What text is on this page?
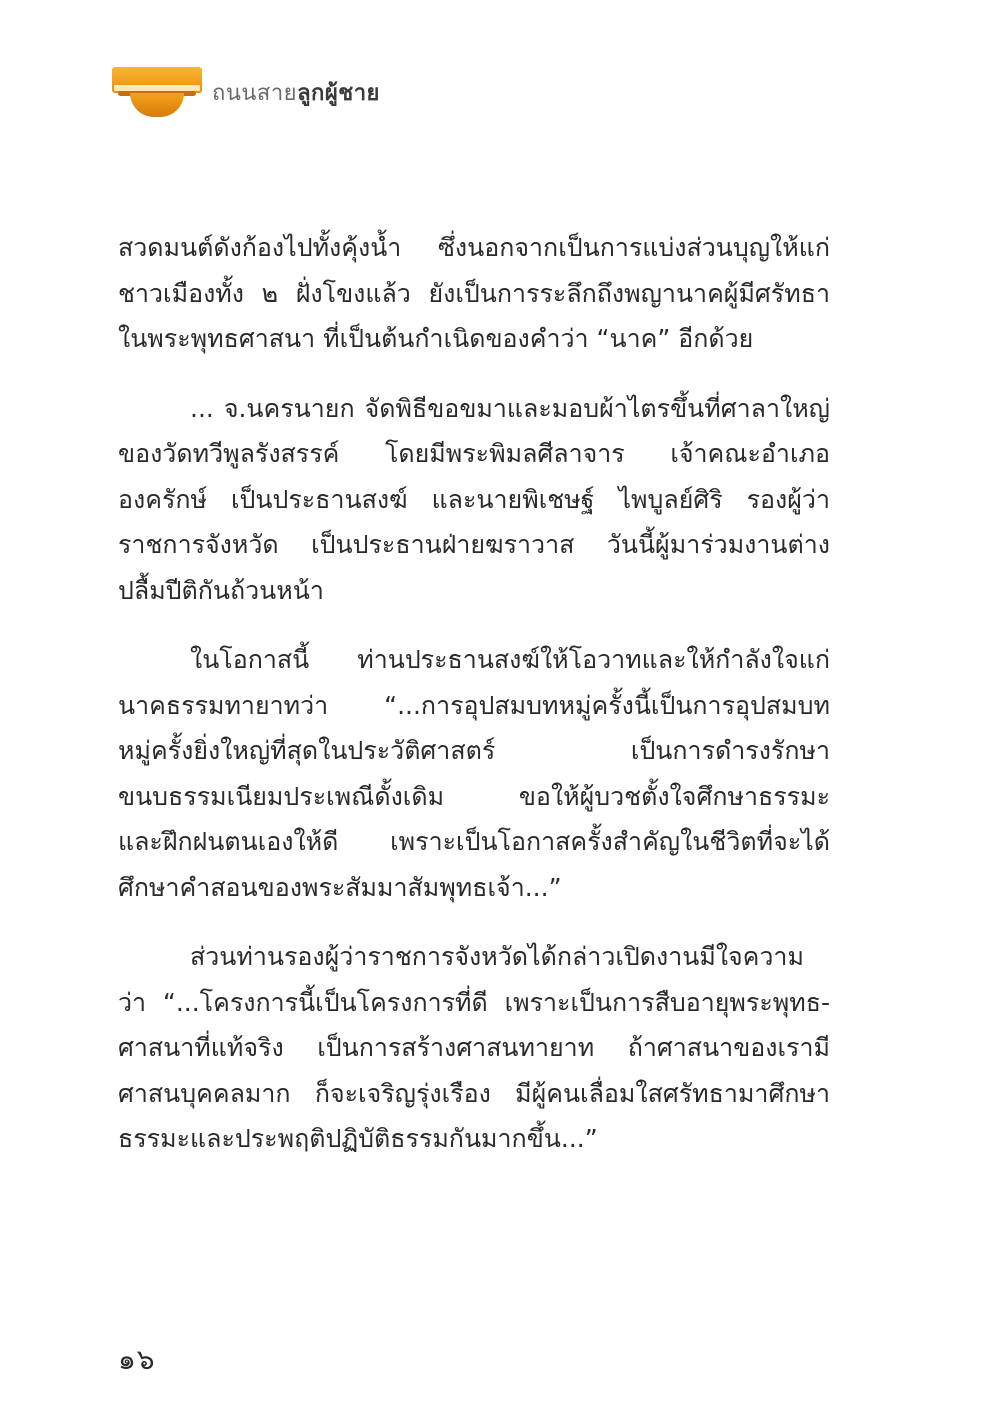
ถนนสายลูกผู้ชาย

สวดมนต์ดังก้องไปทั้งคุ้งน้ำ ซึ่งนอกจากเป็นการแบ่งส่วนบุญให้แก่
ชาวเมืองทั้ง ๒ ฝั่งโขงแล้ว ยังเป็นการระลึกถึงพญานาคผู้มีศรัทธา
ในพระพุทธศาสนา ที่เป็นต้นกำเนิดของคำว่า “นาค” อีกด้วย

... จ.นครนายก จัดพิธีขอขมาและมอบผ้าไตรขึ้นที่ศาลาใหญ่
ของวัดทวีพูลรังสรรค์ โดยมีพระพิมลศีลาจาร เจ้าคณะอำเภอ
องครักษ์ เป็นประธานสงฆ์ และนายพิเชษฐ์ ไพบูลย์ศิริ รองผู้ว่า
ราชการจังหวัด เป็นประธานฝ่ายฆราวาส วันนี้ผู้มาร่วมงานต่าง
ปลื้มปีติกันถ้วนหน้า

ในโอกาสนี้ ท่านประธานสงฆ์ให้โอวาทและให้กำลังใจแก่
นาคธรรมทายาทว่า “...การอุปสมบทหมู่ครั้งนี้เป็นการอุปสมบท
หมู่ครั้งยิ่งใหญ่ที่สุดในประวัติศาสตร์ เป็นการดำรงรักษา
ขนบธรรมเนียมประเพณีดั้งเดิม ขอให้ผู้บวชตั้งใจศึกษาธรรมะ
และฝึกฝนตนเองให้ดี เพราะเป็นโอกาสครั้งสำคัญในชีวิตที่จะได้
ศึกษาคำสอนของพระสัมมาสัมพุทธเจ้า...”

ส่วนท่านรองผู้ว่าราชการจังหวัดได้กล่าวเปิดงานมีใจความ
ว่า “...โครงการนี้เป็นโครงการที่ดี เพราะเป็นการสืบอายุพระพุทธ-
ศาสนาที่แท้จริง เป็นการสร้างศาสนทายาท ถ้าศาสนาของเรามี
ศาสนบุคคลมาก ก็จะเจริญรุ่งเรือง มีผู้คนเลื่อมใสศรัทธามาศึกษา
ธรรมะและประพฤติปฏิบัติธรรมกันมากขึ้น...”

๑๖
